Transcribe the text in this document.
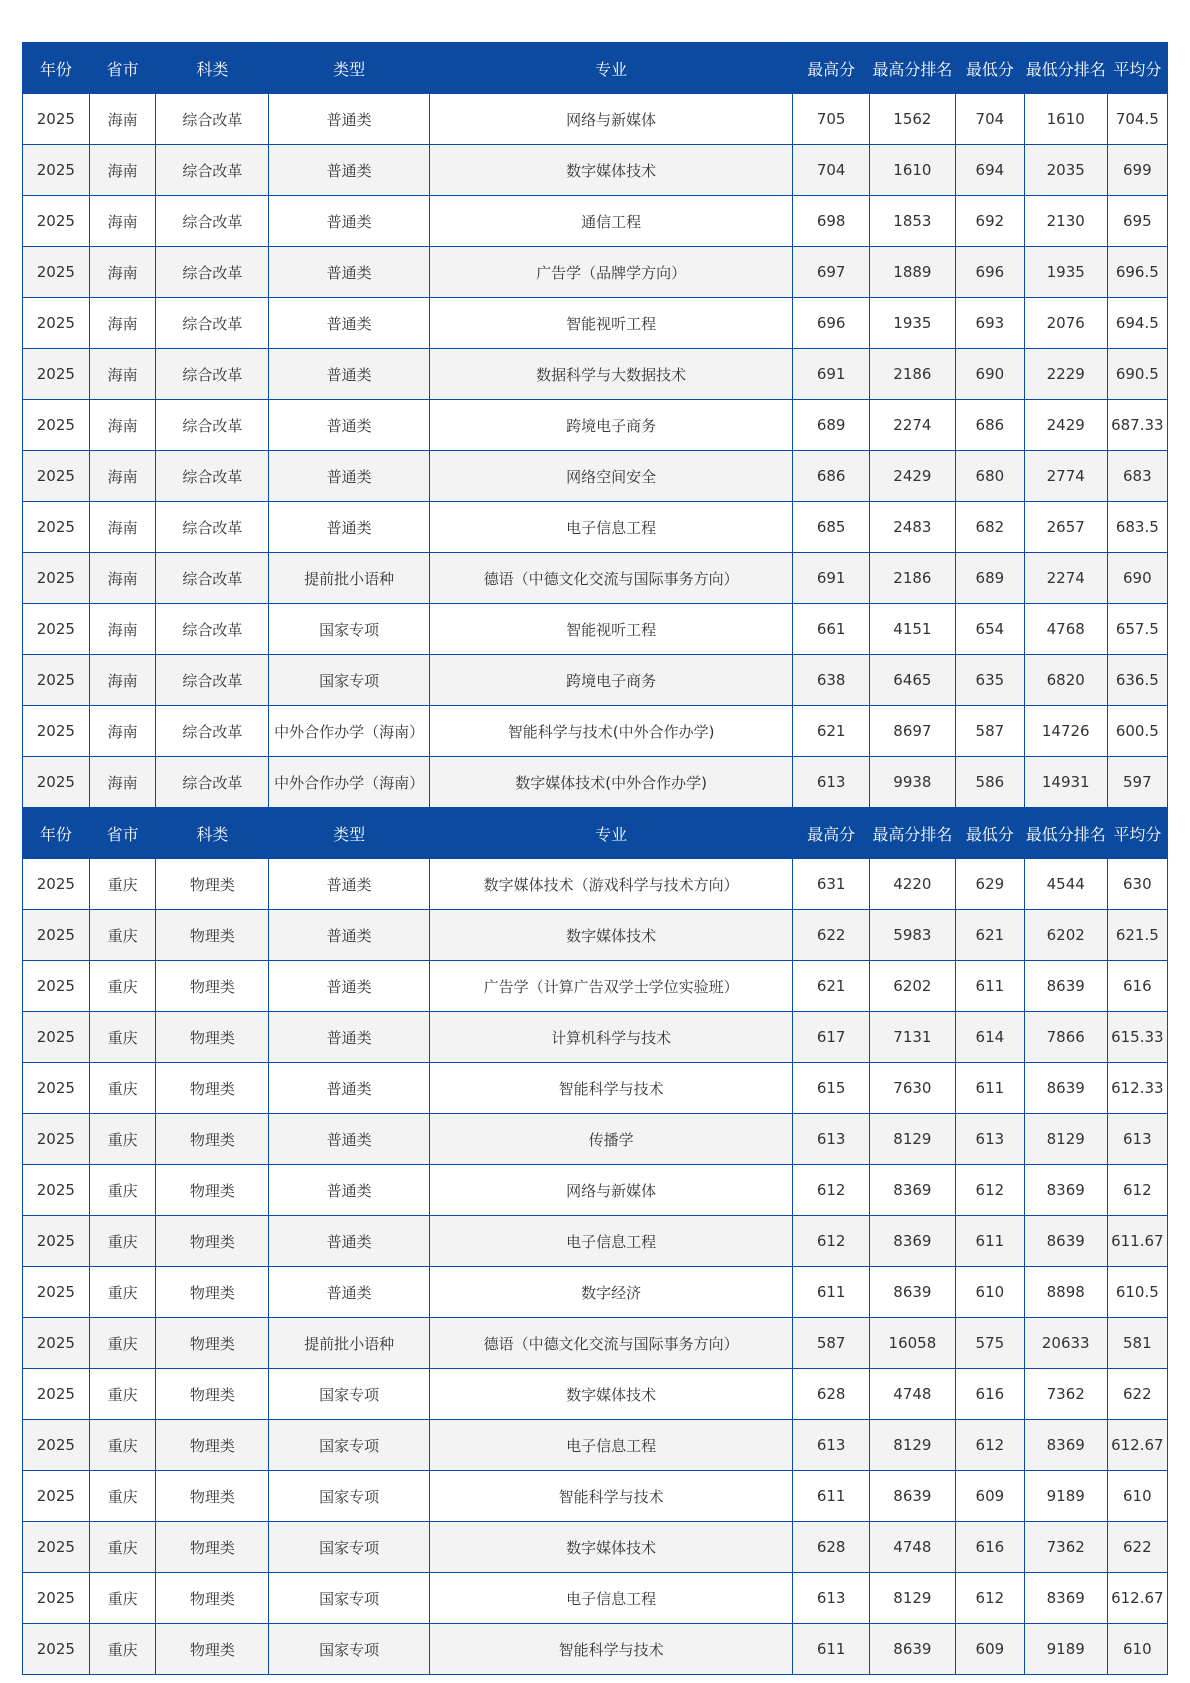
年份	省市	科类	类型	专业	最高分	最高分排名	最低分	最低分排名	平均分
2025	海南	综合改革	普通类	网络与新媒体	705	1562	704	1610	704.5
2025	海南	综合改革	普通类	数字媒体技术	704	1610	694	2035	699
2025	海南	综合改革	普通类	通信工程	698	1853	692	2130	695
2025	海南	综合改革	普通类	广告学（品牌学方向）	697	1889	696	1935	696.5
2025	海南	综合改革	普通类	智能视听工程	696	1935	693	2076	694.5
2025	海南	综合改革	普通类	数据科学与大数据技术	691	2186	690	2229	690.5
2025	海南	综合改革	普通类	跨境电子商务	689	2274	686	2429	687.33
2025	海南	综合改革	普通类	网络空间安全	686	2429	680	2774	683
2025	海南	综合改革	普通类	电子信息工程	685	2483	682	2657	683.5
2025	海南	综合改革	提前批小语种	德语（中德文化交流与国际事务方向）	691	2186	689	2274	690
2025	海南	综合改革	国家专项	智能视听工程	661	4151	654	4768	657.5
2025	海南	综合改革	国家专项	跨境电子商务	638	6465	635	6820	636.5
2025	海南	综合改革	中外合作办学（海南）	智能科学与技术(中外合作办学)	621	8697	587	14726	600.5
2025	海南	综合改革	中外合作办学（海南）	数字媒体技术(中外合作办学)	613	9938	586	14931	597
年份	省市	科类	类型	专业	最高分	最高分排名	最低分	最低分排名	平均分
2025	重庆	物理类	普通类	数字媒体技术（游戏科学与技术方向）	631	4220	629	4544	630
2025	重庆	物理类	普通类	数字媒体技术	622	5983	621	6202	621.5
2025	重庆	物理类	普通类	广告学（计算广告双学士学位实验班）	621	6202	611	8639	616
2025	重庆	物理类	普通类	计算机科学与技术	617	7131	614	7866	615.33
2025	重庆	物理类	普通类	智能科学与技术	615	7630	611	8639	612.33
2025	重庆	物理类	普通类	传播学	613	8129	613	8129	613
2025	重庆	物理类	普通类	网络与新媒体	612	8369	612	8369	612
2025	重庆	物理类	普通类	电子信息工程	612	8369	611	8639	611.67
2025	重庆	物理类	普通类	数字经济	611	8639	610	8898	610.5
2025	重庆	物理类	提前批小语种	德语（中德文化交流与国际事务方向）	587	16058	575	20633	581
2025	重庆	物理类	国家专项	数字媒体技术	628	4748	616	7362	622
2025	重庆	物理类	国家专项	电子信息工程	613	8129	612	8369	612.67
2025	重庆	物理类	国家专项	智能科学与技术	611	8639	609	9189	610
2025	重庆	物理类	国家专项	数字媒体技术	628	4748	616	7362	622
2025	重庆	物理类	国家专项	电子信息工程	613	8129	612	8369	612.67
2025	重庆	物理类	国家专项	智能科学与技术	611	8639	609	9189	610
